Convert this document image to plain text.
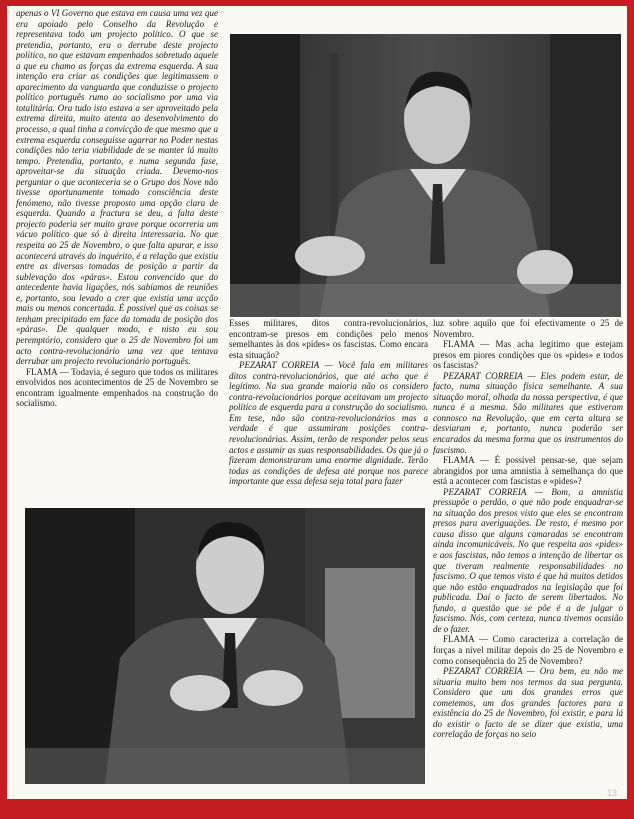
apenas o VI Governo que estava em causa uma vez que era apoiado pelo Conselho da Revolução e representava todo um projecto político. O que se pretendia, portanto, era o derrube deste projecto político, no que estavam empenhados sobretudo aquele a que eu chamo as forças da extrema esquerda. A sua intenção era criar as condições que legitimassem o aparecimento da vanguarda que conduzisse o projecto político português rumo ao socialismo por uma via totalitária. Ora tudo isto estava a ser aproveitado pela extrema direita, muito atenta ao desenvolvimento do processo, a qual tinha a convicção de que mesmo que a extrema esquerda conseguisse agarrar no Poder nestas condições não teria viabilidade de se manter lá muito tempo. Pretendia, portanto, e numa segunda fase, aproveitar-se da situação criada. Devemo-nos perguntar o que aconteceria se o Grupo dos Nove não tivesse oportunamente tomado consciência deste fenómeno, não tivesse proposto uma opção clara de esquerda. Quando a fractura se deu, a falta deste projecto poderia ser muito grave porque ocorreria um vácuo político que só à direita interessaria. No que respeita ao 25 de Novembro, o que falta apurar, e isso acontecerá através do inquérito, é a relação que existiu entre as diversas tomadas de posição a partir da sublevação dos «páras». Estou convencido que do antecedente havia ligações, nós sabíamos de reuniões e, portanto, sou levado a crer que existia uma acção mais ou menos concertada. É possível que as coisas se tenham precipitado em face da tomada de posição dos «páras». De qualquer modo, e nisto eu sou peremptório, considero que o 25 de Novembro foi um acto contra-revolucionário uma vez que tentava derrubar um projecto revolucionário português.

FLAMA — Todavia, é seguro que todos os militares envolvidos nos acontecimentos de 25 de Novembro se encontram igualmente empenhados na construção do socialismo.

Esses militares, ditos contra-revolucionários, encontram-se presos em condições pelo menos semelhantes às dos «pides» os fascistas. Como encara esta situação?

PEZARAT CORREIA — Você fala em militares ditos contra-revolucionários, que até acho que é legítimo. Na sua grande maioria não os considero contra-revolucionários porque aceitavam um projecto político de esquerda para a construção do socialismo. Em tese, não são contra-revolucionários mas a verdade é que assumiram posições contra-revolucionárias. Assim, terão de responder pelos seus actos e assumir as suas responsabilidades. Os que já o fizeram demonstraram uma enorme dignidade. Terão todas as condições de defesa até porque nos parece importante que essa defesa seja total para fazer

luz sobre aquilo que foi efectivamente o 25 de Novembro.

FLAMA — Mas acha legítimo que estejam presos em piores condições que os «pides» e todos os fascistas?

PEZARAT CORREIA — Eles podem estar, de facto, numa situação física semelhante. A sua situação moral, olhada da nossa perspectiva, é que nunca é a mesma. São militares que estiveram connosco na Revolução, que em certa altura se desviaram e, portanto, nunca poderão ser encarados da mesma forma que os instrumentos do fascismo.

FLAMA — É possível pensar-se, que sejam abrangidos por uma amnistia à semelhança do que está a acontecer com fascistas e «pides»?

PEZARAT CORREIA — Bom, a amnistia pressupõe o perdão, o que não pode enquadrar-se na situação dos presos visto que eles se encontram presos para averiguações. De resto, é mesmo por causa disso que alguns camaradas se encontram ainda incomunicáveis. No que respeita aos «pides» e aos fascistas, não temos a intenção de libertar os que tiveram realmente responsabilidades no fascismo. O que temos visto é que há muitos detidos que não estão enquadrados na legislação que foi publicada. Daí o facto de serem libertados. No fundo, a questão que se põe é a de julgar o fascismo. Nós, com certeza, nunca tivemos ocasião de o fazer.

FLAMA — Como caracteriza a correlação de forças a nível militar depois do 25 de Novembro e como consequência do 25 de Novembro?

PEZARAT CORREIA — Ora bem, eu não me situaria muito bem nos termos da sua pergunta. Considero que um dos grandes erros que cometemos, um dos grandes factores para a existência do 25 de Novembro, foi existir, e para lá do existir o facto de se dizer que existia, uma correlação de forças no seio

13
